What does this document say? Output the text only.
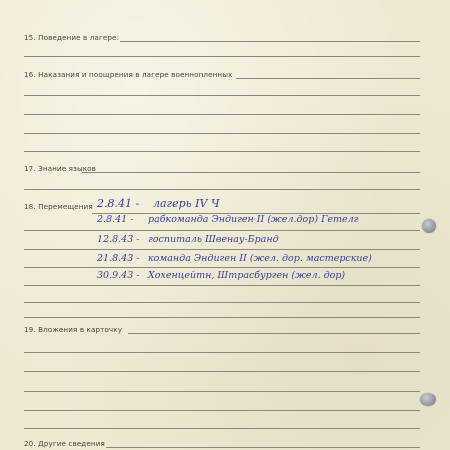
15. Поведение в лагере:
16. Наказания и поощрения в лагере военнопленных
17. Знание языков
18. Перемещения 2.8.41 - лагерь IV Ч
2.8.41 - рабкоманда Эндиген II (жел.дор) Гетелг
12.8.43 - госпиталь Швенау-Бранд
21.8.43 - команда Эндиген II (жел. дор. мастерские)
30.9.43 - Хохенцейтн, Штрасбурген (жел. дор)
19. Вложения в карточку
20. Другие сведения
